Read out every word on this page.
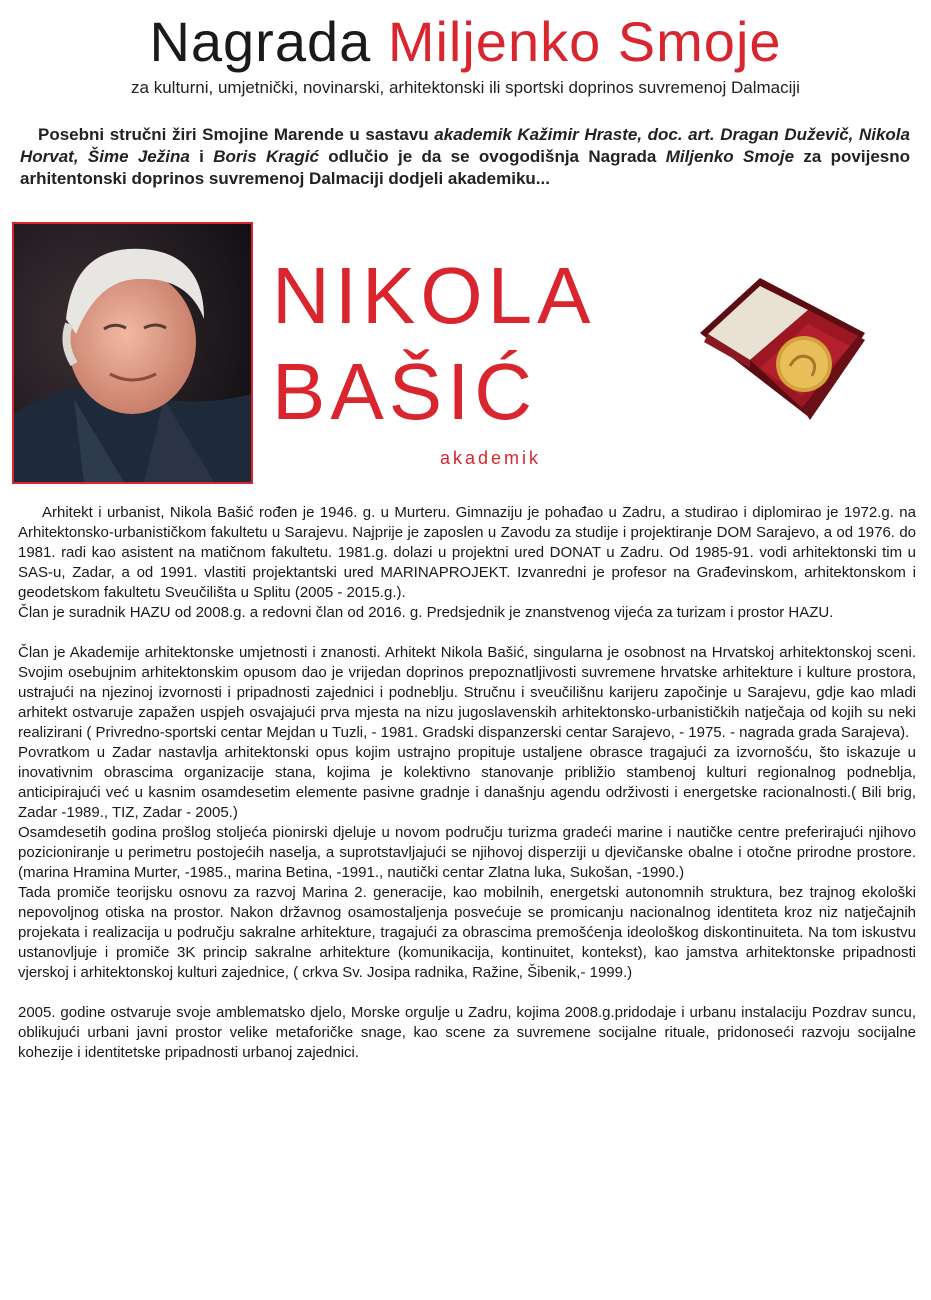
Nagrada Miljenko Smoje
za kulturni, umjetnički, novinarski, arhitektonski ili sportski doprinos suvremenoj Dalmaciji

Posebni stručni žiri Smojine Marende u sastavu akademik Kažimir Hraste, doc. art. Dragan Duževič, Nikola Horvat, Šime Ježina i Boris Kragić odlučio je da se ovogodišnja Nagrada Miljenko Smoje za povijesno arhitentonski doprinos suvremenoj Dalmaciji dodjeli akademiku...

NIKOLA
BAŠIĆ
akademik

Arhitekt i urbanist, Nikola Bašić rođen je 1946. g. u Murteru. Gimnaziju je pohađao u Zadru, a studirao i diplomirao je 1972.g. na Arhitektonsko-urbanističkom fakultetu u Sarajevu. Najprije je zaposlen u Zavodu za studije i projektiranje DOM Sarajevo, a od 1976. do 1981. radi kao asistent na matičnom fakultetu. 1981.g. dolazi u projektni ured DONAT u Zadru. Od 1985-91. vodi arhitektonski tim u SAS-u, Zadar, a od 1991. vlastiti projektantski ured MARINAPROJEKT. Izvanredni je profesor na Građevinskom, arhitektonskom i geodetskom fakultetu Sveučilišta u Splitu (2005 - 2015.g.).

Član je suradnik HAZU od 2008.g. a redovni član od 2016. g. Predsjednik je znanstvenog vijeća za turizam i prostor HAZU.

Član je Akademije arhitektonske umjetnosti i znanosti. Arhitekt Nikola Bašić, singularna je osobnost na Hrvatskoj arhitektonskoj sceni. Svojim osebujnim arhitektonskim opusom dao je vrijedan doprinos prepoznatljivosti suvremene hrvatske arhitekture i kulture prostora, ustrajući na njezinoj izvornosti i pripadnosti zajednici i podneblju. Stručnu i sveučilišnu karijeru započinje u Sarajevu, gdje kao mladi arhitekt ostvaruje zapažen uspjeh osvajajući prva mjesta na nizu jugoslavenskih arhitektonsko-urbanističkih natječaja od kojih su neki realizirani ( Privredno-sportski centar Mejdan u Tuzli, - 1981. Gradski dispanzerski centar Sarajevo, - 1975. - nagrada grada Sarajeva).

Povratkom u Zadar nastavlja arhitektonski opus kojim ustrajno propituje ustaljene obrasce tragajući za izvornošću, što iskazuje u inovativnim obrascima organizacije stana, kojima je kolektivno stanovanje približio stambenoj kulturi regionalnog podneblja, anticipirajući već u kasnim osamdesetim elemente pasivne gradnje i današnju agendu održivosti i energetske racionalnosti.( Bili brig, Zadar -1989., TIZ, Zadar - 2005.)

Osamdesetih godina prošlog stoljeća pionirski djeluje u novom području turizma gradeći marine i nautičke centre preferirajući njihovo pozicioniranje u perimetru postojećih naselja, a suprotstavljajući se njihovoj disperziji u djevičanske obalne i otočne prirodne prostore. (marina Hramina Murter, -1985., marina Betina, -1991., nautički centar Zlatna luka, Sukošan, -1990.)

Tada promiče teorijsku osnovu za razvoj Marina 2. generacije, kao mobilnih, energetski autonomnih struktura, bez trajnog ekološki nepovoljnog otiska na prostor. Nakon državnog osamostaljenja posvećuje se promicanju nacionalnog identiteta kroz niz natječajnih projekata i realizacija u području sakralne arhitekture, tragajući za obrascima premošćenja ideološkog diskontinuiteta. Na tom iskustvu ustanovljuje i promiče 3K princip sakralne arhitekture (komunikacija, kontinuitet, kontekst), kao jamstva arhitektonske pripadnosti vjerskoj i arhitektonskoj kulturi zajednice, ( crkva Sv. Josipa radnika, Ražine, Šibenik,- 1999.)

2005. godine ostvaruje svoje amblematsko djelo, Morske orgulje u Zadru, kojima 2008.g.pridodaje i urbanu instalaciju Pozdrav suncu, oblikujući urbani javni prostor velike metaforičke snage, kao scene za suvremene socijalne rituale, pridonoseći razvoju socijalne kohezije i identitetske pripadnosti urbanoj zajednici.
